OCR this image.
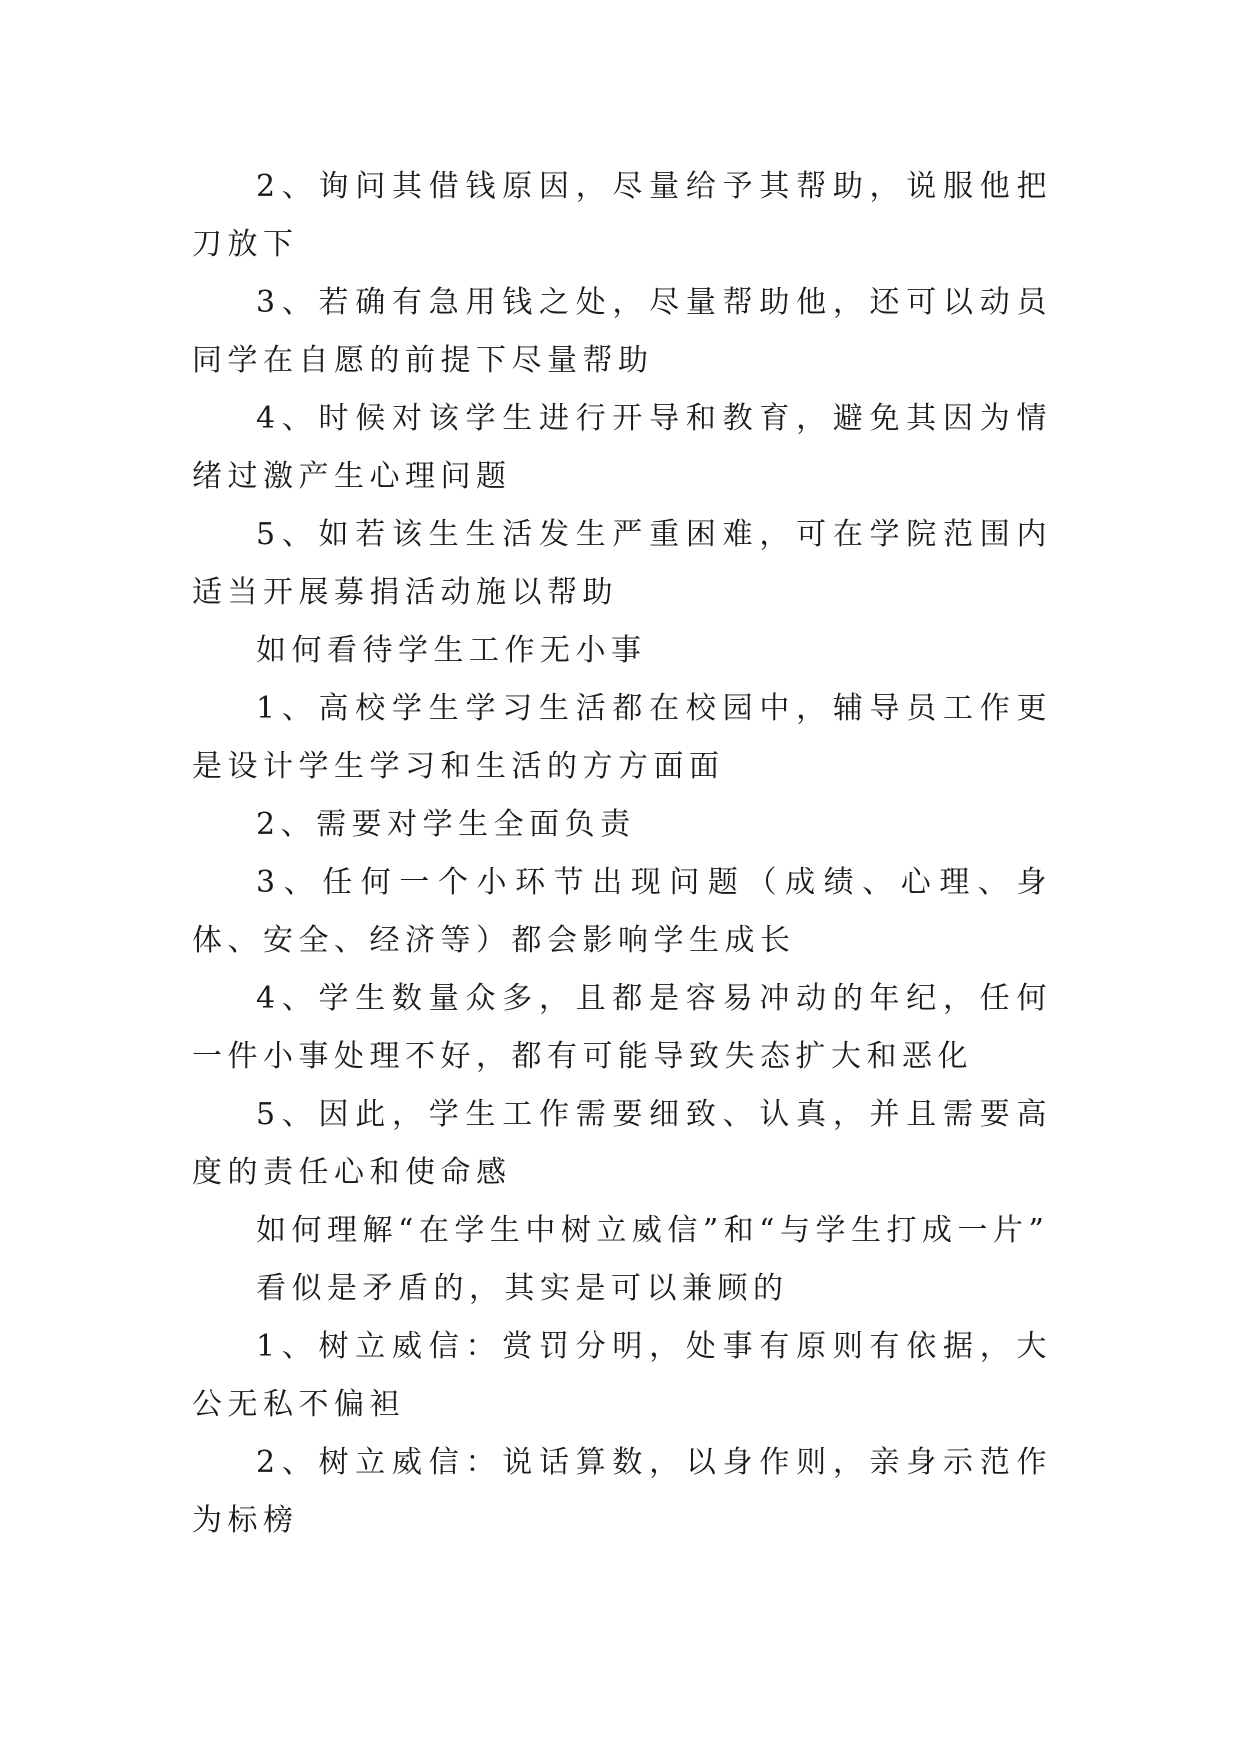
2、询问其借钱原因，尽量给予其帮助，说服他把刀放下

3、若确有急用钱之处，尽量帮助他，还可以动员同学在自愿的前提下尽量帮助

4、时候对该学生进行开导和教育，避免其因为情绪过激产生心理问题

5、如若该生生活发生严重困难，可在学院范围内适当开展募捐活动施以帮助

如何看待学生工作无小事

1、高校学生学习生活都在校园中，辅导员工作更是设计学生学习和生活的方方面面

2、需要对学生全面负责

3、任何一个小环节出现问题（成绩、心理、身体、安全、经济等）都会影响学生成长

4、学生数量众多，且都是容易冲动的年纪，任何一件小事处理不好，都有可能导致失态扩大和恶化

5、因此，学生工作需要细致、认真，并且需要高度的责任心和使命感

如何理解“在学生中树立威信”和“与学生打成一片”

看似是矛盾的，其实是可以兼顾的

1、树立威信：赏罚分明，处事有原则有依据，大公无私不偏袒

2、树立威信：说话算数，以身作则，亲身示范作为标榜
